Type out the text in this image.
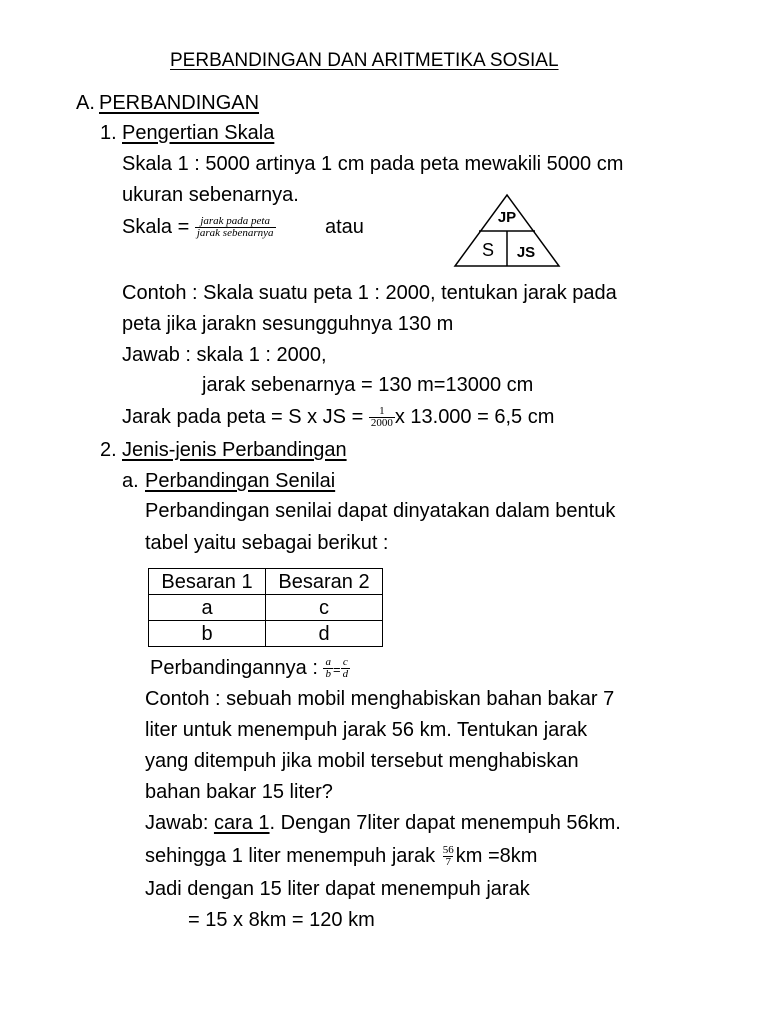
PERBANDINGAN DAN ARITMETIKA SOSIAL
A. PERBANDINGAN
1. Pengertian Skala
Skala 1 : 5000 artinya 1 cm pada peta mewakili 5000 cm
ukuran sebenarnya.
Skala = $\frac{\text{jarak pada peta}}{\text{jarak sebenarnya}}$ atau	JP
S JS
Contoh : Skala suatu peta 1 : 2000, tentukan jarak pada
peta jika jarakn sesungguhnya 130 m
Jawab : skala 1 : 2000,
jarak sebenarnya = 130 m=13000 cm
Jarak pada peta = S x JS = $\frac{1}{2000}$ x 13.000 = 6,5 cm
2. Jenis-jenis Perbandingan
a. Perbandingan Senilai
Perbandingan senilai dapat dinyatakan dalam bentuk
tabel yaitu sebagai berikut :
Besaran 1	Besaran 2
a	c
b	d
Perbandingannya : $\frac{a}{b} = \frac{c}{d}$
Contoh : sebuah mobil menghabiskan bahan bakar 7
liter untuk menempuh jarak 56 km. Tentukan jarak
yang ditempuh jika mobil tersebut menghabiskan
bahan bakar 15 liter?
Jawab: cara 1. Dengan 7liter dapat menempuh 56km.
sehingga 1 liter menempuh jarak $\frac{56}{7}$ km =8km
Jadi dengan 15 liter dapat menempuh jarak
= 15 x 8km = 120 km
